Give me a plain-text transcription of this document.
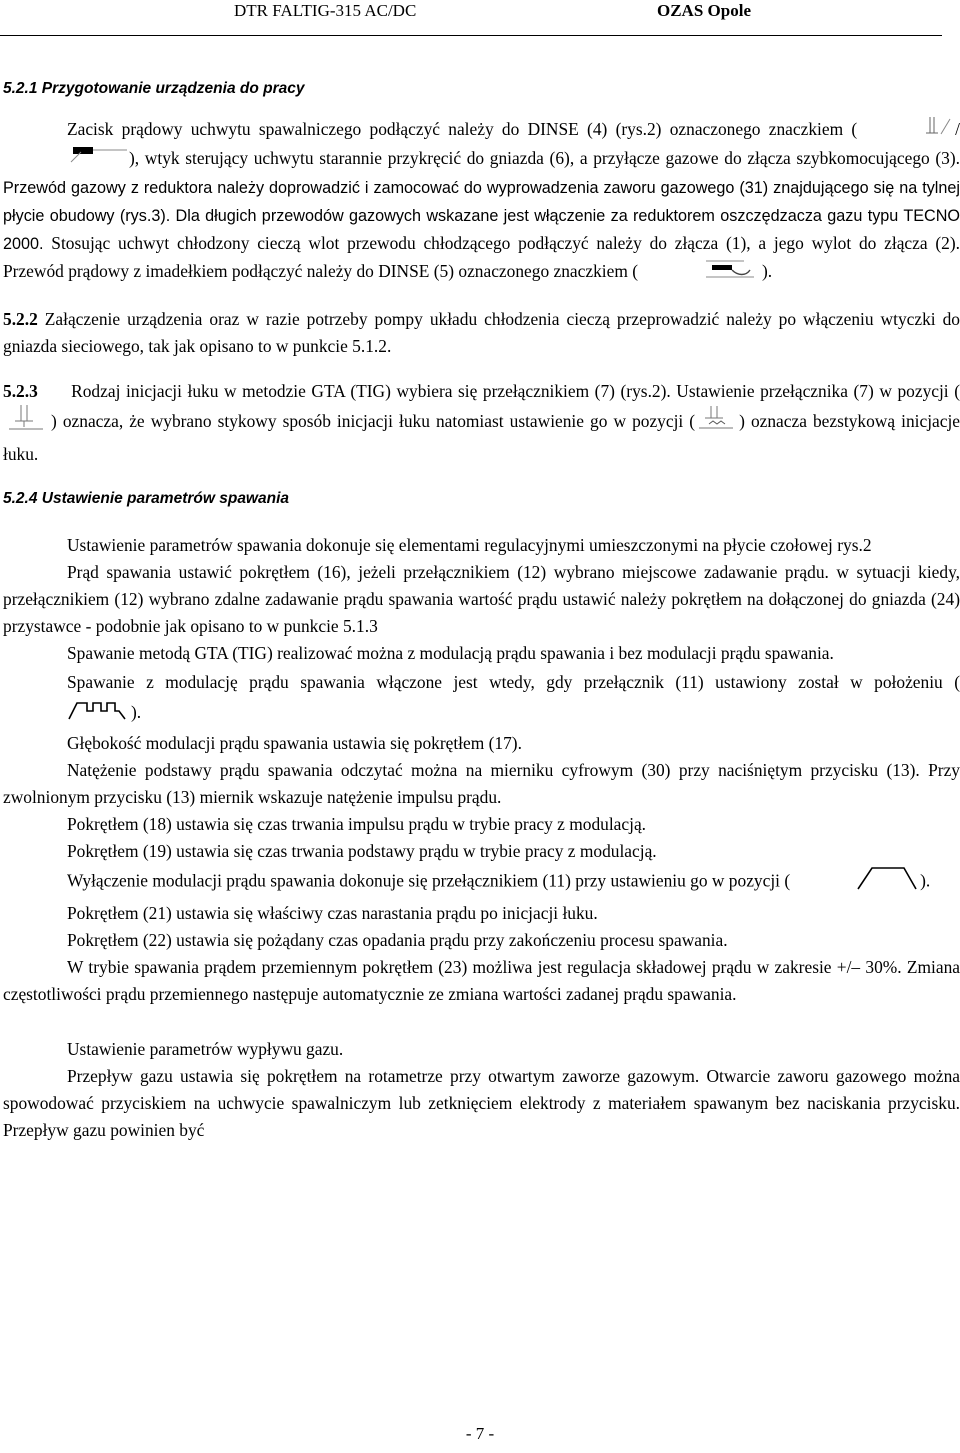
DTR FALTIG-315 AC/DC	OZAS Opole
5.2.1 Przygotowanie urządzenia do pracy

Zacisk prądowy uchwytu spawalniczego podłączyć należy do DINSE (4) (rys.2) oznaczonego znaczkiem (	/), wtyk sterujący uchwytu starannie przykręcić do gniazda (6), a przyłącze gazowe do złącza szybkomocującego (3). Przewód gazowy z reduktora należy doprowadzić i zamocować do wyprowadzenia zaworu gazowego (31) znajdującego się na tylnej płycie obudowy (rys.3). Dla długich przewodów gazowych wskazane jest włączenie za reduktorem oszczędzacza gazu typu TECNO 2000. Stosując uchwyt chłodzony cieczą wlot przewodu chłodzącego podłączyć należy do złącza (1), a jego wylot do złącza (2). Przewód prądowy z imadełkiem podłączyć należy do DINSE (5) oznaczonego znaczkiem (	).

5.2.2 Załączenie urządzenia oraz w razie potrzeby pompy układu chłodzenia cieczą przeprowadzić należy po włączeniu wtyczki do gniazda sieciowego, tak jak opisano to w punkcie 5.1.2.

5.2.3 Rodzaj inicjacji łuku w metodzie GTA (TIG) wybiera się przełącznikiem (7) (rys.2). Ustawienie przełącznika (7) w pozycji () oznacza, że wybrano stykowy sposób inicjacji łuku natomiast ustawienie go w pozycji (	) oznacza bezstykową inicjacje łuku.

5.2.4 Ustawienie parametrów spawania

Ustawienie parametrów spawania dokonuje się elementami regulacyjnymi umieszczonymi na płycie czołowej rys.2

Prąd spawania ustawić pokrętłem (16), jeżeli przełącznikiem (12) wybrano miejscowe zadawanie prądu. w sytuacji kiedy, przełącznikiem (12) wybrano zdalne zadawanie prądu spawania wartość prądu ustawić należy pokrętłem na dołączonej do gniazda (24) przystawce - podobnie jak opisano to w punkcie 5.1.3

Spawanie metodą GTA (TIG) realizować można z modulacją prądu spawania i bez modulacji prądu spawania.

Spawanie z modulację prądu spawania włączone jest wtedy, gdy przełącznik (11) ustawiony został w położeniu ().

Głębokość modulacji prądu spawania ustawia się pokrętłem (17).

Natężenie podstawy prądu spawania odczytać można na mierniku cyfrowym (30) przy naciśniętym przycisku (13). Przy zwolnionym przycisku (13) miernik wskazuje natężenie impulsu prądu.

Pokrętłem (18) ustawia się czas trwania impulsu prądu w trybie pracy z modulacją.

Pokrętłem (19) ustawia się czas trwania podstawy prądu w trybie pracy z modulacją.

Wyłączenie modulacji prądu spawania dokonuje się przełącznikiem (11) przy ustawieniu go w pozycji (	).

Pokrętłem (21) ustawia się właściwy czas narastania prądu po inicjacji łuku.

Pokrętłem (22) ustawia się pożądany czas opadania prądu przy zakończeniu procesu spawania.

W trybie spawania prądem przemiennym pokrętłem (23) możliwa jest regulacja składowej prądu w zakresie +/– 30%. Zmiana częstotliwości prądu przemiennego następuje automatycznie ze zmiana wartości zadanej prądu spawania.

Ustawienie parametrów wypływu gazu.

Przepływ gazu ustawia się pokrętłem na rotametrze przy otwartym zaworze gazowym. Otwarcie zaworu gazowego można spowodować przyciskiem na uchwycie spawalniczym lub zetknięciem elektrody z materiałem spawanym bez naciskania przycisku. Przepływ gazu powinien być

- 7 -
